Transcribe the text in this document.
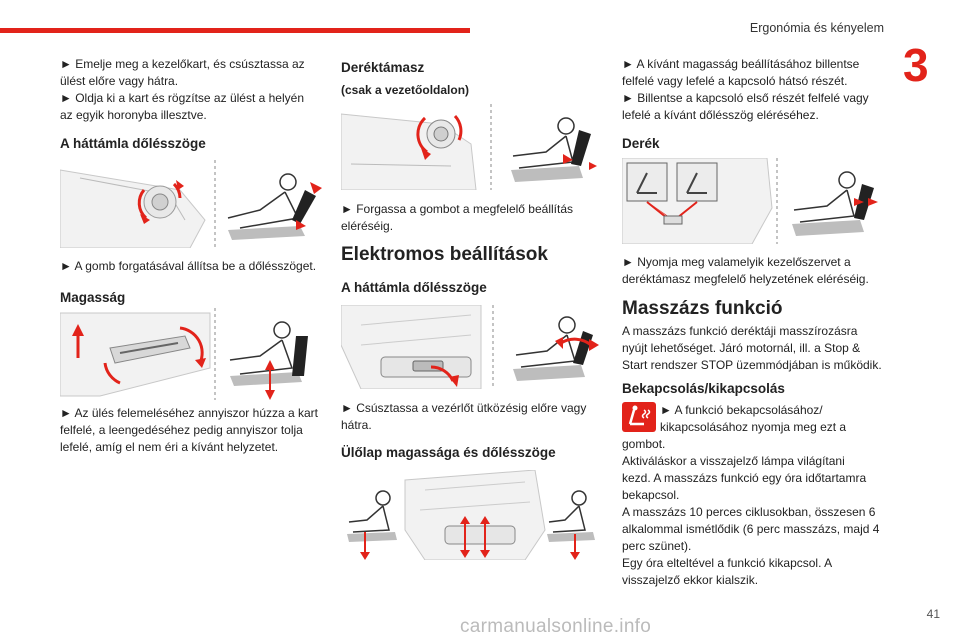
Ergonómia és kényelem
3
41
carmanualsonline.info
► Emelje meg a kezelőkart, és csúsztassa az
ülést előre vagy hátra.
► Oldja ki a kart és rögzítse az ülést a helyén
az egyik horonyba illesztve.
A háttámla dőlésszöge
► A gomb forgatásával állítsa be a dőlésszöget.
Magasság
► Az ülés felemeléséhez annyiszor húzza a kart
felfelé, a leengedéséhez pedig annyiszor tolja
lefelé, amíg el nem éri a kívánt helyzetet.
Deréktámasz
(csak a vezetőoldalon)
► Forgassa a gombot a megfelelő beállítás
eléréséig.
Elektromos beállítások
A háttámla dőlésszöge
► Csúsztassa a vezérlőt ütközésig előre vagy
hátra.
Ülőlap magassága és dőlésszöge
► A kívánt magasság beállításához billentse
felfelé vagy lefelé a kapcsoló hátsó részét.
► Billentse a kapcsoló első részét felfelé vagy
lefelé a kívánt dőlésszög eléréséhez.
Derék
► Nyomja meg valamelyik kezelőszervet a
deréktámasz megfelelő helyzetének eléréséig.
Masszázs funkció
A masszázs funkció deréktáji masszírozásra
nyújt lehetőséget. Járó motornál, ill. a Stop &
Start rendszer STOP üzemmódjában is működik.
Bekapcsolás/kikapcsolás
► A funkció bekapcsolásához/
kikapcsolásához nyomja meg ezt a
gombot.
Aktiváláskor a visszajelző lámpa világítani
kezd. A masszázs funkció egy óra időtartamra
bekapcsol.
A masszázs 10 perces ciklusokban, összesen 6
alkalommal ismétlődik (6 perc masszázs, majd 4
perc szünet).
Egy óra elteltével a funkció kikapcsol. A
visszajelző ekkor kialszik.
